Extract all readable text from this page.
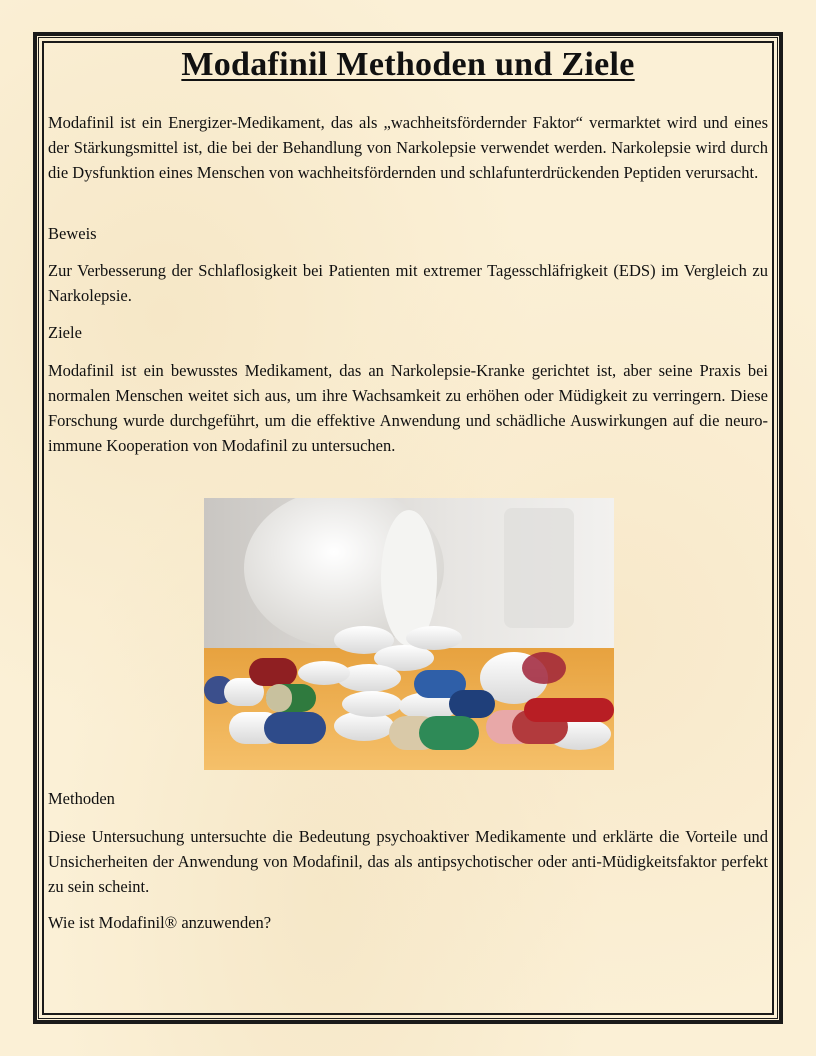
Modafinil Methoden und Ziele
Modafinil ist ein Energizer-Medikament, das als „wachheitsfördernder Faktor“ vermarktet wird und eines der Stärkungsmittel ist, die bei der Behandlung von Narkolepsie verwendet werden. Narkolepsie wird durch die Dysfunktion eines Menschen von wachheitsfördernden und schlafunterdrückenden Peptiden verursacht.
Beweis
Zur Verbesserung der Schlaflosigkeit bei Patienten mit extremer Tagesschläfrigkeit (EDS) im Vergleich zu Narkolepsie.
Ziele
Modafinil ist ein bewusstes Medikament, das an Narkolepsie-Kranke gerichtet ist, aber seine Praxis bei normalen Menschen weitet sich aus, um ihre Wachsamkeit zu erhöhen oder Müdigkeit zu verringern. Diese Forschung wurde durchgeführt, um die effektive Anwendung und schädliche Auswirkungen auf die neuro-immune Kooperation von Modafinil zu untersuchen.
Methoden
Diese Untersuchung untersuchte die Bedeutung psychoaktiver Medikamente und erklärte die Vorteile und Unsicherheiten der Anwendung von Modafinil, das als antipsychotischer oder anti-Müdigkeitsfaktor perfekt zu sein scheint.
Wie ist Modafinil® anzuwenden?
